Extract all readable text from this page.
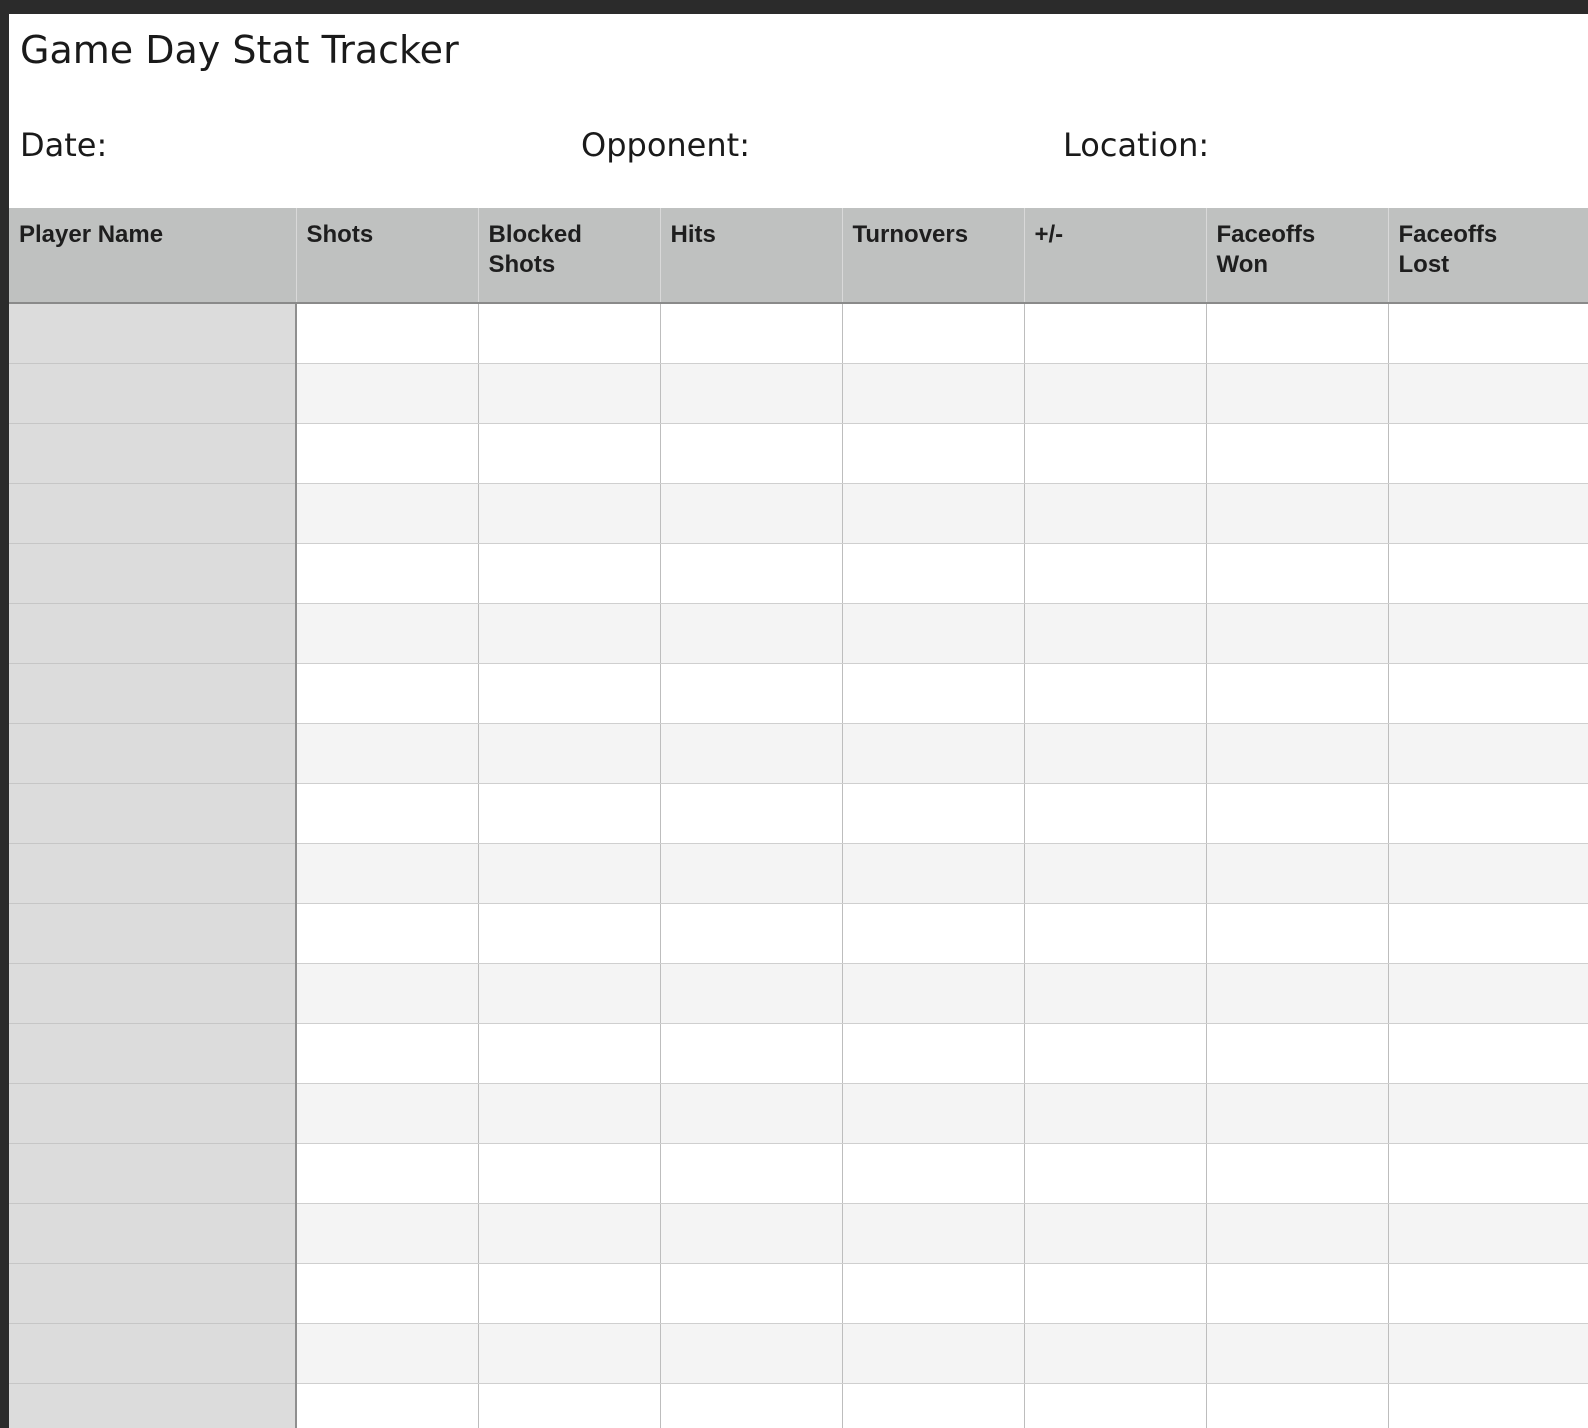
Game Day Stat Tracker
Date:	Opponent:	Location:
Player Name	Shots	Blocked Shots	Hits	Turnovers	+/-	Faceoffs Won	Faceoffs Lost
